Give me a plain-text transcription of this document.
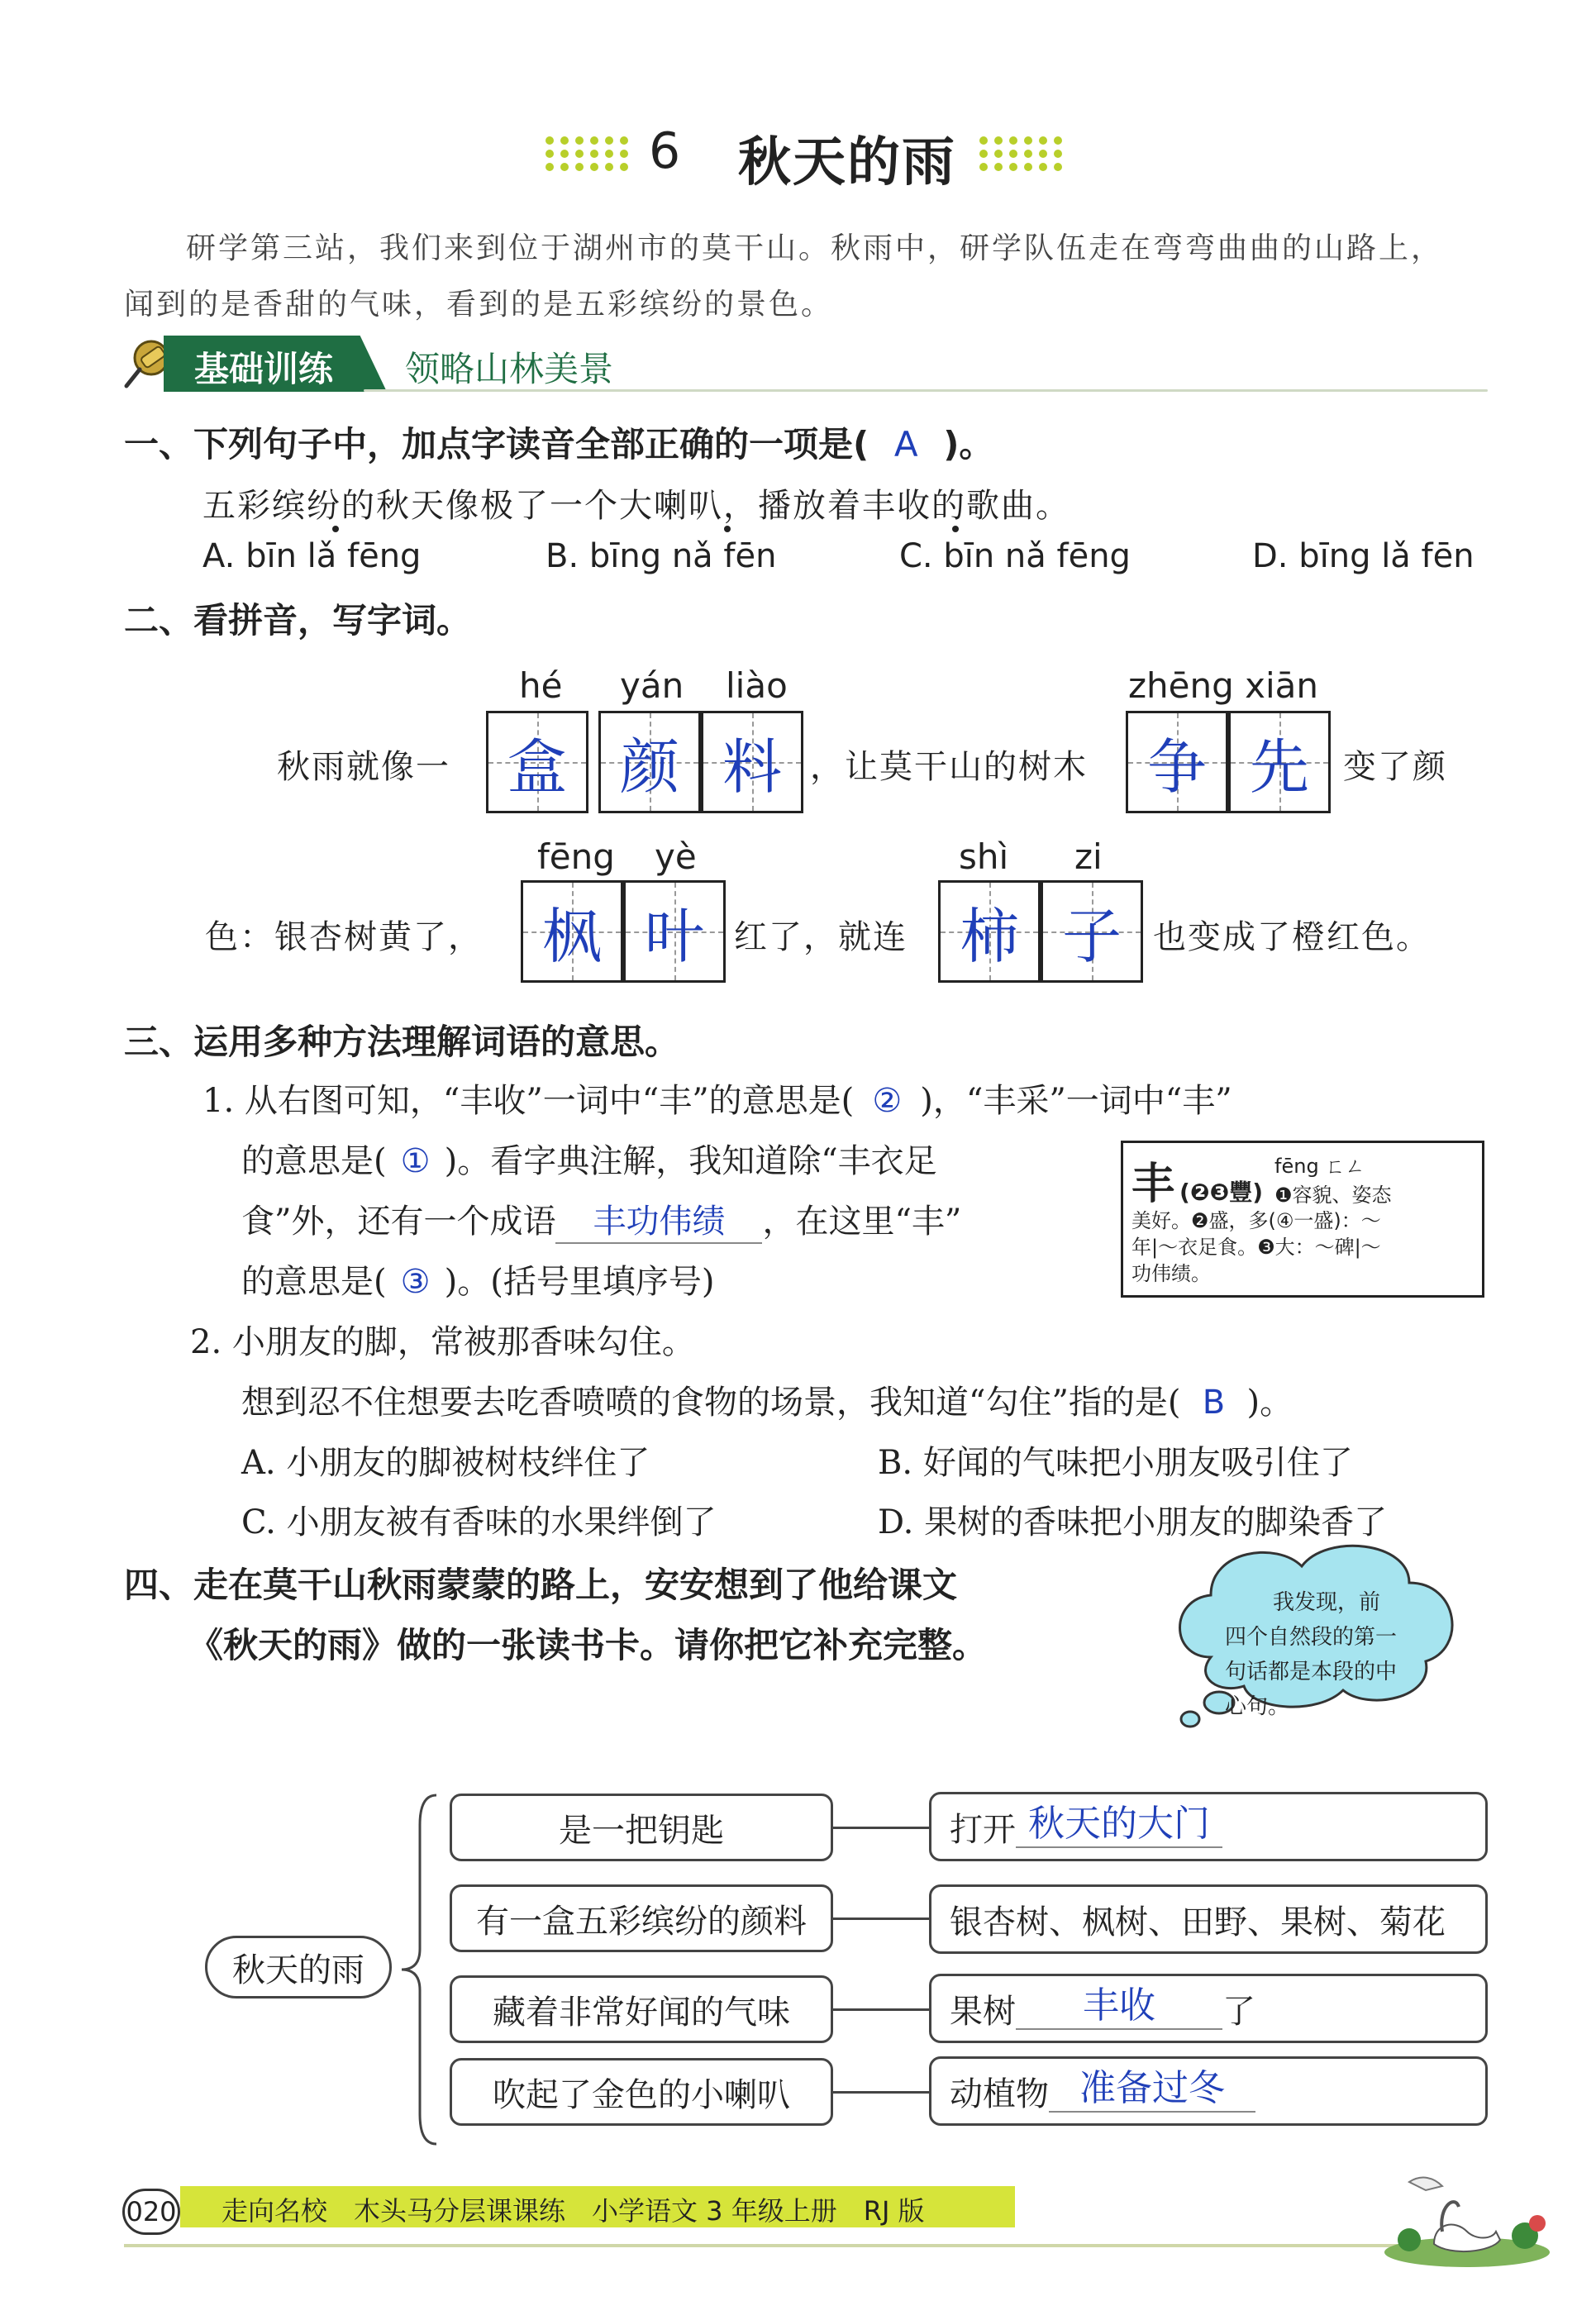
6 秋天的雨
研学第三站，我们来到位于湖州市的莫干山。秋雨中，研学队伍走在弯弯曲曲的山路上，
闻到的是香甜的气味，看到的是五彩缤纷的景色。
基础训练 领略山林美景
一、下列句子中，加点字读音全部正确的一项是( A )。
五彩缤纷的秋天像极了一个大喇叭，播放着丰收的歌曲。
A. bīn lǎ fēng	B. bīng nǎ fēn	C. bīn nǎ fēng	D. bīng lǎ fēn
二、看拼音，写字词。
hé yán liào	zhēng xiān
秋雨就像一 盒 颜 料 ，让莫干山的树木 争 先	变了颜
fēng yè	shì zi
色：银杏树黄了， 枫 叶 红了，就连 柿 子 也变成了橙红色。
三、运用多种方法理解词语的意思。
1. 从右图可知，“丰收”一词中“丰”的意思是( ② )，“丰采”一词中“丰”
的意思是( ① )。看字典注解，我知道除“丰衣足
食”外，还有一个成语 丰功伟绩 ，在这里“丰”
的意思是( ③ )。(括号里填序号)
丰 (❷❸豐)
fēng ㄈㄥ
❶容貌、姿态
美好。❷盛，多(④一盛)：～
年|～衣足食。❸大：～碑|～
功伟绩。
2. 小朋友的脚，常被那香味勾住。
想到忍不住想要去吃香喷喷的食物的场景，我知道“勾住”指的是( B )。
A. 小朋友的脚被树枝绊住了	B. 好闻的气味把小朋友吸引住了
C. 小朋友被有香味的水果绊倒了	D. 果树的香味把小朋友的脚染香了
四、走在莫干山秋雨蒙蒙的路上，安安想到了他给课文
《秋天的雨》做的一张读书卡。请你把它补充完整。
我发现，前
四个自然段的第一
句话都是本段的中
心句。
秋天的雨
是一把钥匙	打开 秋天的大门
有一盒五彩缤纷的颜料	银杏树、枫树、田野、果树、菊花
藏着非常好闻的气味	果树	丰收	了
吹起了金色的小喇叭	动植物 准备过冬
020 走向名校　木头马分层课课练　小学语文 3 年级上册　RJ 版
